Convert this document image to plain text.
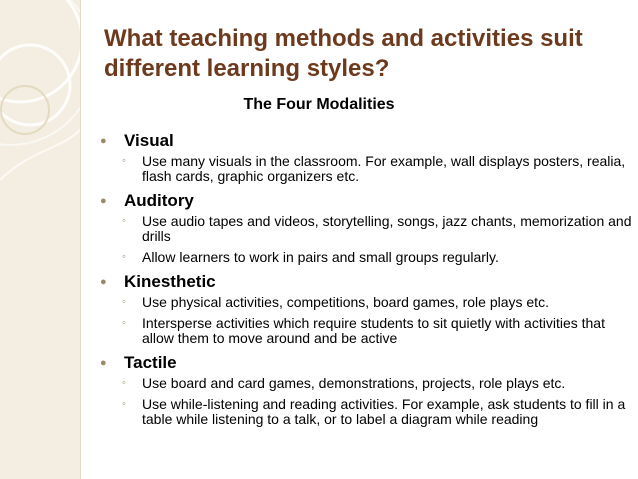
What teaching methods and activities suit different learning styles?
The Four Modalities
● Visual
◦ Use many visuals in the classroom. For example, wall displays posters, realia, flash cards, graphic organizers etc.
● Auditory
◦ Use audio tapes and videos, storytelling, songs, jazz chants, memorization and drills
◦ Allow learners to work in pairs and small groups regularly.
● Kinesthetic
◦ Use physical activities, competitions, board games, role plays etc.
◦ Intersperse activities which require students to sit quietly with activities that allow them to move around and be active
● Tactile
◦ Use board and card games, demonstrations, projects, role plays etc.
◦ Use while-listening and reading activities. For example, ask students to fill in a table while listening to a talk, or to label a diagram while reading
